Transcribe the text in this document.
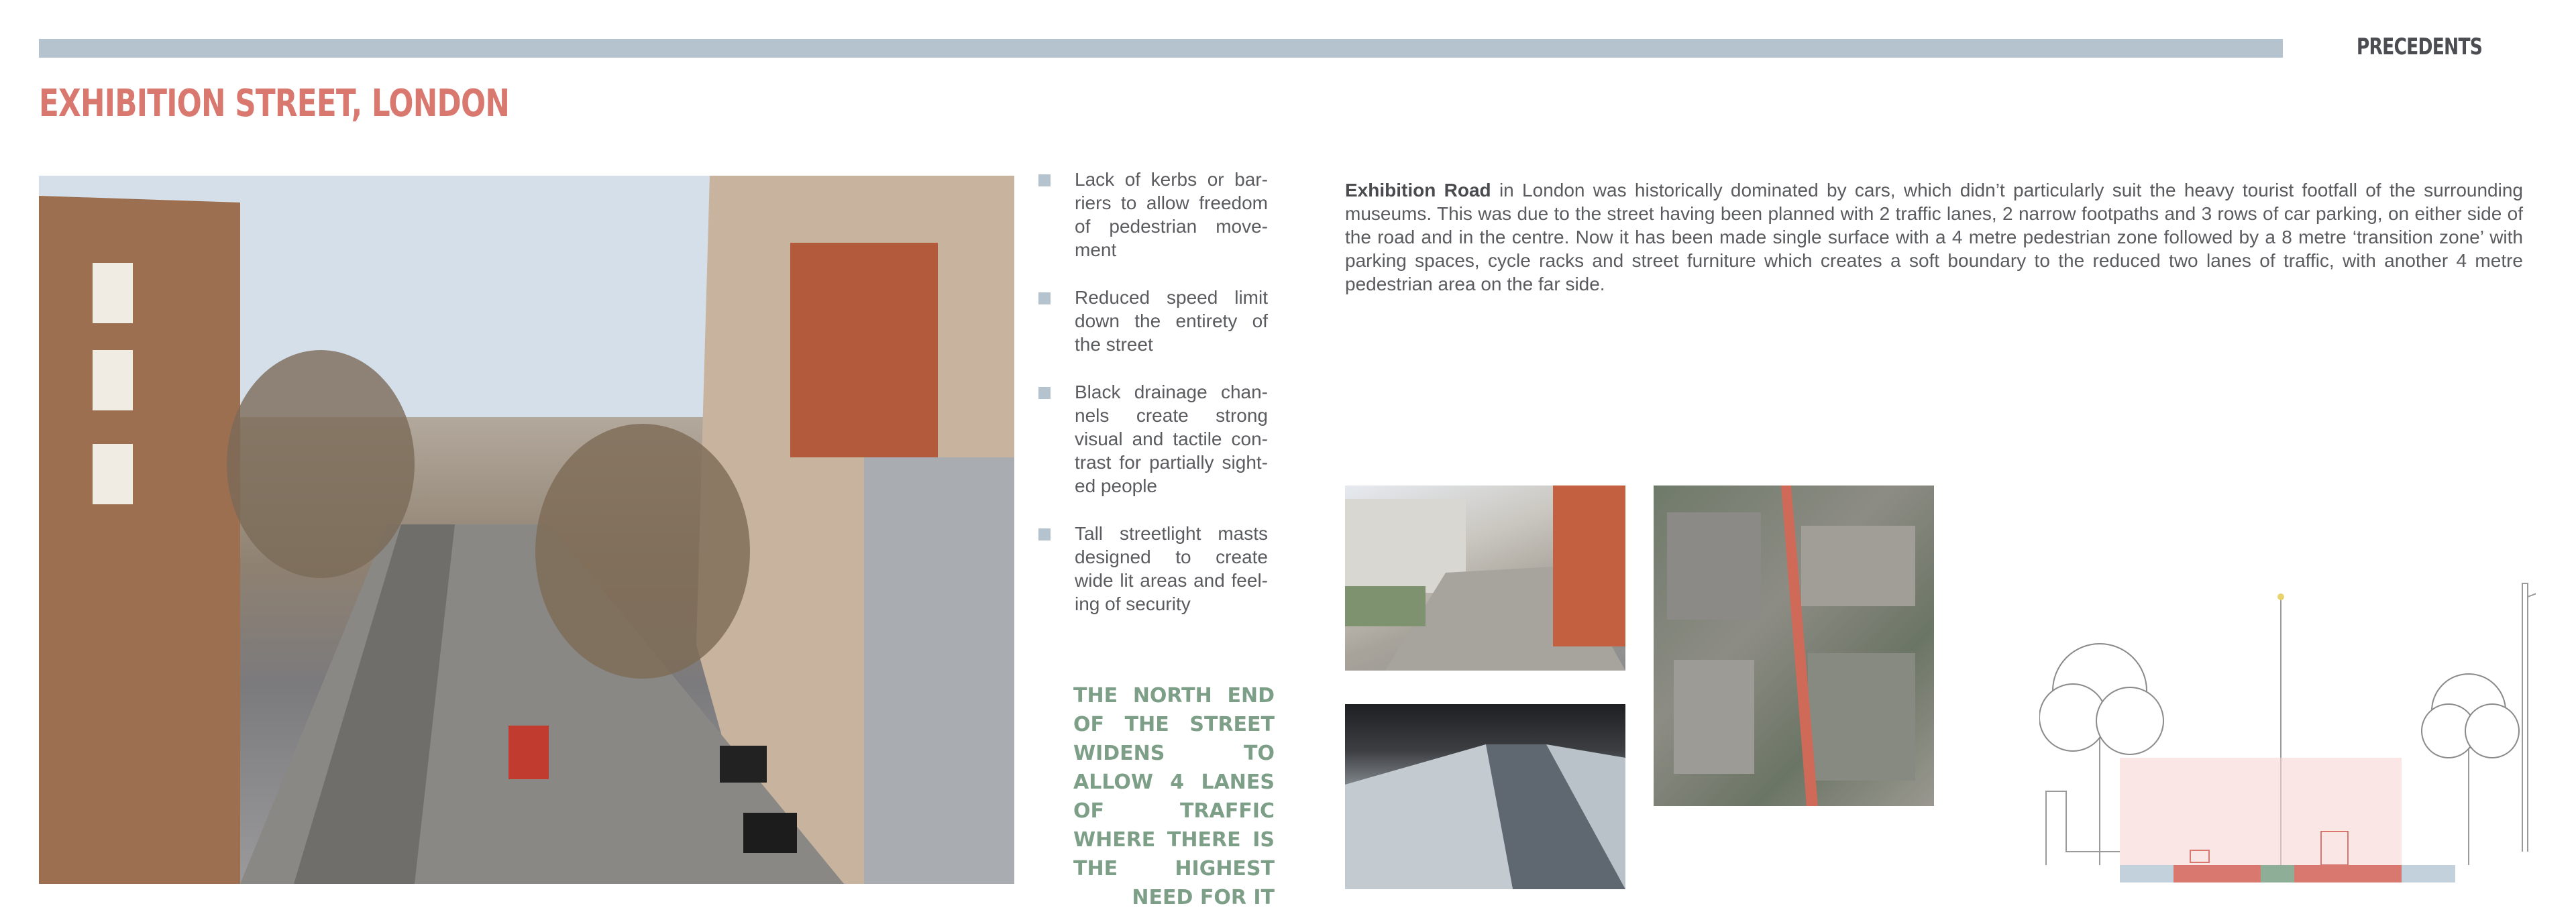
PRECEDENTS
EXHIBITION STREET, LONDON
Lack of kerbs or bar- riers to allow freedom of pedestrian move- ment
Reduced speed limit down the entirety of the street
Black drainage chan- nels create strong visual and tactile con- trast for partially sight- ed people
Tall streetlight masts designed to create wide lit areas and feel- ing of security
THE NORTH END OF THE STREET WIDENS TO ALLOW 4 LANES OF TRAFFIC WHERE THERE IS THE HIGHEST NEED FOR IT
Exhibition Road in London was historically dominated by cars, which didn’t particularly suit the heavy tourist footfall of the surrounding museums. This was due to the street having been planned with 2 traffic lanes, 2 narrow footpaths and 3 rows of car parking, on either side of the road and in the centre. Now it has been made single surface with a 4 metre pedestrian zone followed by a 8 metre ‘transition zone’ with parking spaces, cycle racks and street furniture which creates a soft boundary to the reduced two lanes of traffic, with another 4 metre pedestrian area on the far side.
